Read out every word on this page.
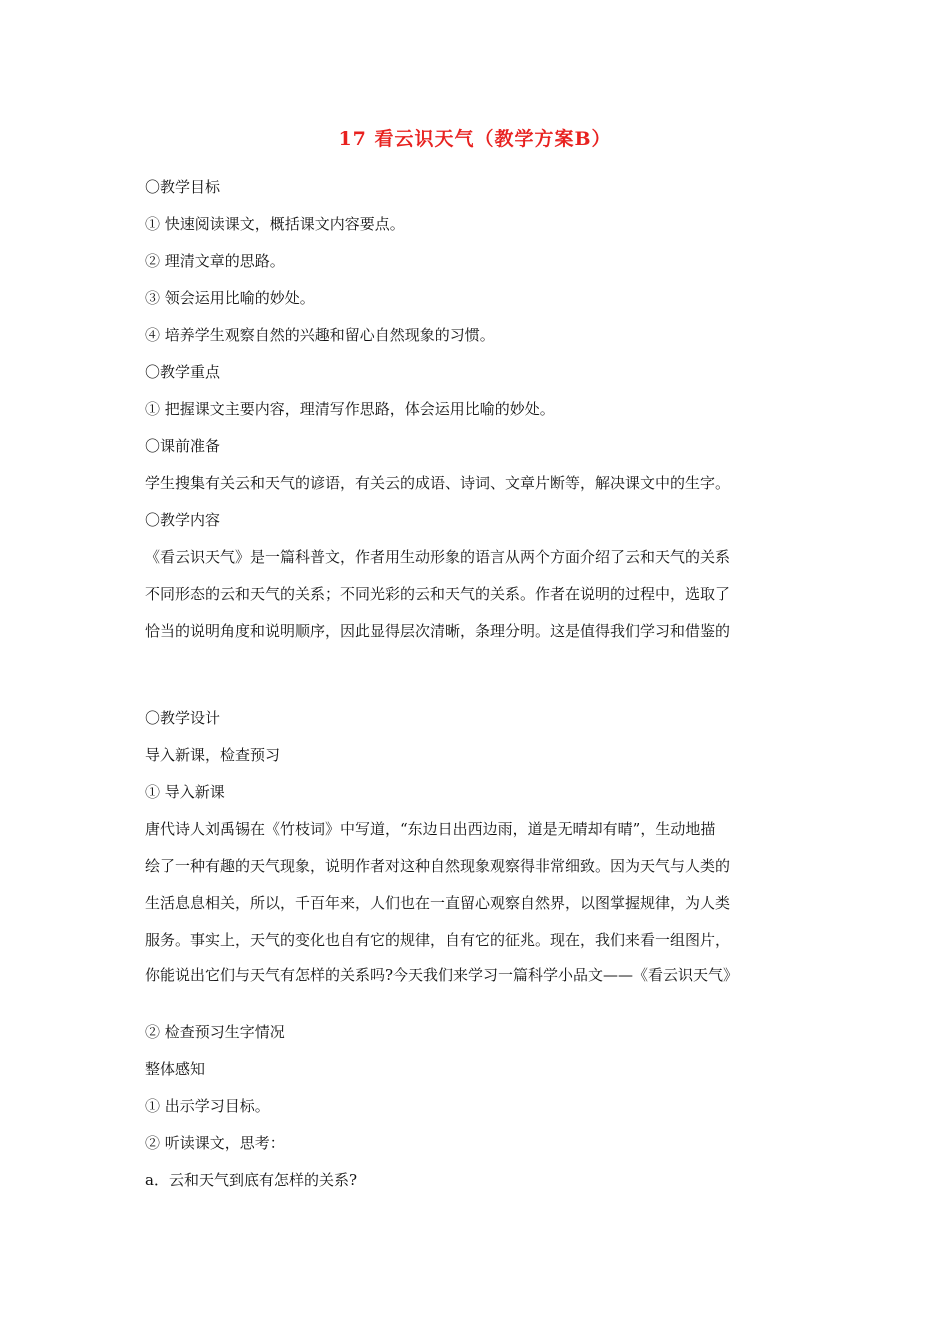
17 看云识天气（教学方案B）
〇教学目标
① 快速阅读课文，概括课文内容要点。
② 理清文章的思路。
③ 领会运用比喻的妙处。
④ 培养学生观察自然的兴趣和留心自然现象的习惯。
〇教学重点
① 把握课文主要内容，理清写作思路，体会运用比喻的妙处。
〇课前准备
学生搜集有关云和天气的谚语，有关云的成语、诗词、文章片断等，解决课文中的生字。
〇教学内容
《看云识天气》是一篇科普文，作者用生动形象的语言从两个方面介绍了云和天气的关系
不同形态的云和天气的关系；不同光彩的云和天气的关系。作者在说明的过程中，选取了
恰当的说明角度和说明顺序，因此显得层次清晰，条理分明。这是值得我们学习和借鉴的
〇教学设计
导入新课，检查预习
① 导入新课
唐代诗人刘禹锡在《竹枝词》中写道，“东边日出西边雨，道是无晴却有晴”，生动地描
绘了一种有趣的天气现象，说明作者对这种自然现象观察得非常细致。因为天气与人类的
生活息息相关，所以，千百年来，人们也在一直留心观察自然界，以图掌握规律，为人类
服务。事实上，天气的变化也自有它的规律，自有它的征兆。现在，我们来看一组图片，
你能说出它们与天气有怎样的关系吗?今天我们来学习一篇科学小品文——《看云识天气》
② 检查预习生字情况
整体感知
① 出示学习目标。
② 听读课文，思考：
a．云和天气到底有怎样的关系?
